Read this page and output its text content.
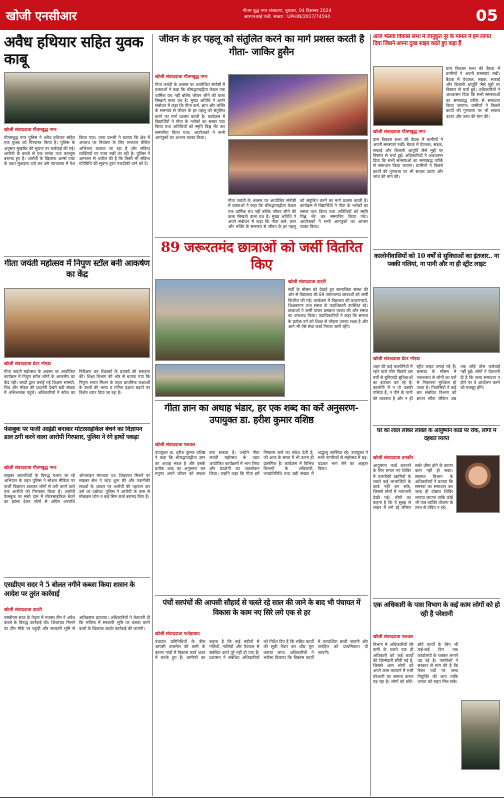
खोजी एनसीआर	गौतम बुद्ध नगर संस्करण, बुधवार, 04 दिसम्बर 2024
आरएनआई पंजी. संख्या : UPHIN/2017/74594	05
अवैध हथियार सहित युवक काबू
खोजी संवाददाता गौतमबुद्ध नगर
गौतमबुद्ध नगर पुलिस ने अवैध हथियार सहित एक युवक को गिरफ्तार किया है। पुलिस के अनुसार मुखबिर की सूचना पर कार्रवाई की गई। आरोपी के कब्जे से एक तमंचा तथा कारतूस बरामद हुए हैं। आरोपी के खिलाफ आर्म्स एक्ट के तहत मुकदमा दर्ज कर उसे न्यायालय में पेश किया गया। थाना प्रभारी ने बताया कि क्षेत्र में अपराध पर नियंत्रण के लिए लगातार चेकिंग अभियान चलाया जा रहा है और संदिग्ध व्यक्तियों पर नजर रखी जा रही है। पुलिस ने आमजन से अपील की है कि किसी भी संदिग्ध गतिविधि की सूचना तुरंत नजदीकी थाने को दें।
गीता जयंती महोत्सव में निपुण स्टॉल बनी आकर्षण का केंद्र
खोजी संवाददाता ग्रेटर नोएडा
गीता जयंती महोत्सव के अवसर पर आयोजित कार्यक्रम में निपुण स्टॉल लोगों के आकर्षण का केंद्र रही। बच्चों द्वारा बनाई गई शिक्षण सामग्री, चित्र और मॉडल की प्रदर्शनी देखने बड़ी संख्या में अभिभावक पहुंचे। अधिकारियों ने स्टॉल का निरीक्षण कर शिक्षकों के प्रयासों की सराहना की। शिक्षा विभाग की ओर से बताया गया कि निपुण भारत मिशन के तहत प्राथमिक कक्षाओं के बच्चों की भाषा व गणित दक्षता बढ़ाने पर विशेष ध्यान दिया जा रहा है।
फेसबुक पर फर्जी आईडी बनाकर मोटरसाइकिल बेचने का विज्ञापन डाल ठगी करने वाला आरोपी गिरफ्तार, पुलिस ने रंगे हाथों पकड़ा
खोजी संवाददाता गौतमबुद्ध नगर
साइबर अपराधियों के विरुद्ध चलाए जा रहे अभियान के तहत पुलिस ने सोशल मीडिया पर फर्जी विज्ञापन डालकर लोगों से ठगी करने वाले एक आरोपी को गिरफ्तार किया है। आरोपी फेसबुक पर सस्ते दाम में मोटरसाइकिल बेचने का झांसा देकर लोगों से अग्रिम धनराशि ऑनलाइन मंगवाता था। शिकायत मिलने पर साइबर सेल ने जांच शुरू की और तकनीकी साक्ष्यों के आधार पर आरोपी की पहचान कर उसे धर दबोचा। पुलिस ने आरोपी के पास से मोबाइल फोन व कई सिम कार्ड बरामद किए हैं।
एसडीएम सदर ने 5 बोलत नगीने कब्जा किया शासन के आदेश पर तुरंत कार्रवाई
खोजी संवाददाता दादरी
एसडीएम सदर के नेतृत्व में राजस्व टीम ने अवैध कब्जे के विरुद्ध कार्रवाई की। शिकायत मिलने पर टीम मौके पर पहुंची और सरकारी भूमि से अतिक्रमण हटवाया। अधिकारियों ने चेतावनी दी कि भविष्य में सरकारी भूमि पर कब्जा करने वालों के खिलाफ कठोर कार्रवाई की जाएगी।
जीवन के हर पहलू को संतुलित करने का मार्ग प्रशस्त करती है गीता- जाकिर हुसैन
खोजी संवाददाता गौतमबुद्ध नगर
गीता जयंती के अवसर पर आयोजित संगोष्ठी में वक्ताओं ने कहा कि श्रीमद्भगवद्गीता केवल एक धार्मिक ग्रंथ नहीं बल्कि जीवन जीने की कला सिखाने वाला ग्रंथ है। मुख्य अतिथि ने अपने संबोधन में कहा कि गीता कर्म, ज्ञान और भक्ति के समन्वय से जीवन के हर पहलू को संतुलित करने का मार्ग प्रशस्त करती है। कार्यक्रम में विद्यार्थियों ने गीता के श्लोकों का सस्वर पाठ किया तथा अतिथियों को स्मृति चिह्न भेंट कर सम्मानित किया गया। आयोजकों ने सभी आगंतुकों का आभार व्यक्त किया।
गीता जयंती के अवसर पर आयोजित संगोष्ठी में वक्ताओं ने कहा कि श्रीमद्भगवद्गीता केवल एक धार्मिक ग्रंथ नहीं बल्कि जीवन जीने की कला सिखाने वाला ग्रंथ है। मुख्य अतिथि ने अपने संबोधन में कहा कि गीता कर्म, ज्ञान और भक्ति के समन्वय से जीवन के हर पहलू को संतुलित करने का मार्ग प्रशस्त करती है। कार्यक्रम में विद्यार्थियों ने गीता के श्लोकों का सस्वर पाठ किया तथा अतिथियों को स्मृति चिह्न भेंट कर सम्मानित किया गया। आयोजकों ने सभी आगंतुकों का आभार व्यक्त किया।
89 जरूरतमंद छात्राओं को जर्सी वितरित किए
खोजी संवाददाता दादरी
सर्दी के मौसम को देखते हुए सामाजिक संस्था की ओर से विद्यालय की 89 जरूरतमंद छात्राओं को जर्सी वितरित की गईं। कार्यक्रम में विद्यालय की प्रधानाचार्य, शिक्षकगण तथा संस्था के पदाधिकारी उपस्थित रहे। छात्राओं ने जर्सी पाकर प्रसन्नता व्यक्त की और संस्था का धन्यवाद किया। पदाधिकारियों ने कहा कि समाज के प्रत्येक वर्ग को शिक्षा से जोड़ना उनका लक्ष्य है और आगे भी ऐसे सेवा कार्य निरंतर जारी रहेंगे।
गीता ज्ञान का अथाह भंडार, हर एक शब्द का करें अनुसरण-उपायुक्त डा. हरीश कुमार वशिष्ठ
खोजी संवाददाता पलवल
उपायुक्त डा. हरीश कुमार वशिष्ठ ने कहा कि श्रीमद्भगवद्गीता ज्ञान का अथाह भंडार है और इसके प्रत्येक शब्द का अनुसरण कर मनुष्य अपने जीवन को सफल बना सकता है। उन्होंने गीता जयंती महोत्सव के तहत आयोजित कार्यक्रमों में भाग लिया और प्रदर्शनी का अवलोकन किया। उन्होंने कहा कि गीता हमें निष्काम कर्म का संदेश देती है, जो आज के समय में भी उतना ही प्रासंगिक है। कार्यक्रम में विभिन्न विभागों के अधिकारी, जनप्रतिनिधि तथा बड़ी संख्या में श्रद्धालु उपस्थित रहे। उपायुक्त ने सभी नागरिकों से महोत्सव में बढ़-चढ़कर भाग लेने का आह्वान किया।
पंचों सरपंचों की आपसी सौहार्द से चलते रहे साल की जाने के बाद भी पंचायत में विकास के काम नए सिरे लगे एक से हर
खोजी संवाददाता फतेहाबाद
पंचायत प्रतिनिधियों के बीच आपसी तालमेल की कमी के कारण गांवों में विकास कार्य अधर में लटके हुए हैं। ग्रामीणों का कहना है कि कई महीनों से गलियों, नालियों और पेयजल से संबंधित कार्य पूरे नहीं हो पाए हैं। प्रशासन ने संबंधित अधिकारियों को निर्देश दिए हैं कि लंबित कार्यों की सूची तैयार कर शीघ्र पूरा कराया जाए। अधिकारियों ने भरोसा दिलाया कि विकास कार्यों में पारदर्शिता बरती जाएगी और जनहित को प्राथमिकता दी जाएगी।
आज भेलवा विकास सभा में जानुकुत नूर के मामल में हम लागत दिया जिसने अपना दुःख साझा करते हुए कहा हैं
ग्राम विकास सभा की बैठक में ग्रामीणों ने अपनी समस्याएं रखीं। बैठक में पेयजल, सड़क, सफाई और बिजली आपूर्ति जैसे मुद्दों पर विस्तार से चर्चा हुई। अधिकारियों ने आश्वासन दिया कि सभी समस्याओं का समयबद्ध तरीके से समाधान किया जाएगा। ग्रामीणों ने पिछले कार्यों की गुणवत्ता पर भी सवाल उठाए और जांच की मांग की।
खोजी संवाददाता गौतमबुद्ध नगर
ग्राम विकास सभा की बैठक में ग्रामीणों ने अपनी समस्याएं रखीं। बैठक में पेयजल, सड़क, सफाई और बिजली आपूर्ति जैसे मुद्दों पर विस्तार से चर्चा हुई। अधिकारियों ने आश्वासन दिया कि सभी समस्याओं का समयबद्ध तरीके से समाधान किया जाएगा। ग्रामीणों ने पिछले कार्यों की गुणवत्ता पर भी सवाल उठाए और जांच की मांग की।
कालोनीवासियों को 10 वर्षों से सुविधाओं का इंतजार.. ना पक्की गलियां, ना पानी और ना ही स्ट्रीट लाइट
खोजी संवाददाता ग्रेटर नोएडा
शहर की कई कालोनियों में रहने वाले लोग पिछले दस वर्षों से बुनियादी सुविधाओं का इंतजार कर रहे हैं। कालोनी में न तो पक्की गलियां हैं, न पीने के पानी की व्यवस्था है और न ही स्ट्रीट लाइट लगाई गई हैं। बरसात के मौसम में जलभराव से लोगों का घरों से निकलना मुश्किल हो जाता है। निवासियों ने कई बार संबंधित विभाग को ज्ञापन सौंपा लेकिन अब तक कोई ठोस कार्रवाई नहीं हुई। लोगों ने चेतावनी दी है कि जल्द समाधान न होने पर वे आंदोलन करने को मजबूर होंगे।
घर का लाल लोकर लावले के आयुष्मान कार्ड पर रोक, लोगों में दहशत व्याप्त
खोजी संवाददाता दनकौर
आयुष्मान कार्ड बनवाने के लिए लगाए गए शिविर में तकनीकी खामियों के चलते कई लाभार्थियों के कार्ड नहीं बन सके, जिससे लोगों में नाराजगी देखी गई। लोगों का कहना है कि वे सुबह से लाइन में लगे रहे लेकिन सर्वर धीमा होने के कारण काम नहीं हो सका। स्वास्थ्य विभाग के अधिकारियों ने बताया कि समस्या का समाधान कर जल्द ही दोबारा शिविर लगाया जाएगा ताकि कोई भी पात्र व्यक्ति योजना के लाभ से वंचित न रहे।
एक अधिकारी के पास विभाग के कई काम लोगों को हो रही है परेशानी
खोजी संवाददाता पलवल
विभाग में अधिकारियों की कमी के चलते एक ही अधिकारी को कई कार्यों की जिम्मेदारी सौंपी गई है, जिससे आम लोगों को अपने काम करवाने में भारी परेशानी का सामना करना पड़ रहा है। लोगों को छोटे-छोटे कार्यों के लिए भी कई-कई दिन तक कार्यालयों के चक्कर लगाने पड़ रहे हैं। नागरिकों ने सरकार से मांग की है कि रिक्त पदों पर जल्द नियुक्ति की जाए ताकि जनता को राहत मिल सके।
